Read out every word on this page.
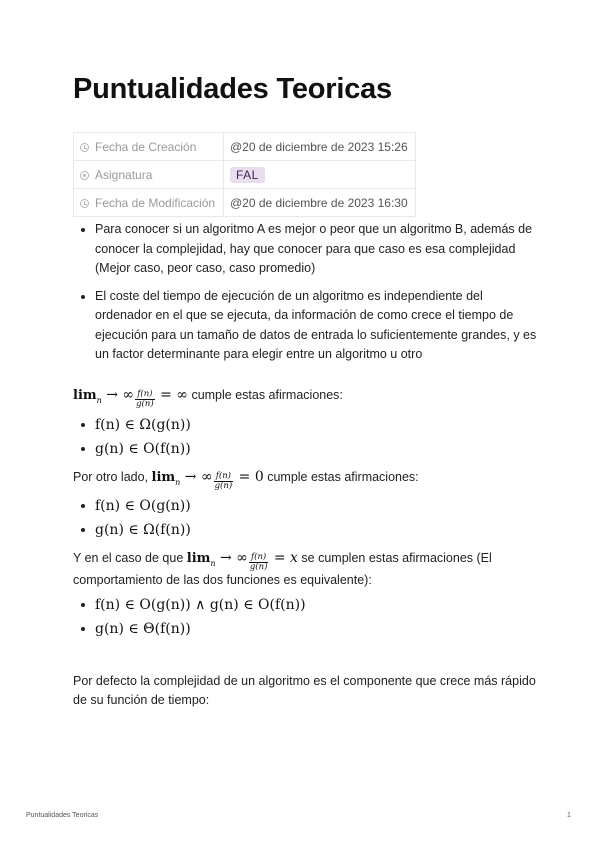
Puntualidades Teoricas
Fecha de Creación	@20 de diciembre de 2023 15:26
Asignatura	FAL
Fecha de Modificación	@20 de diciembre de 2023 16:30
Para conocer si un algoritmo A es mejor o peor que un algoritmo B, además de conocer la complejidad, hay que conocer para que caso es esa complejidad (Mejor caso, peor caso, caso promedio)
El coste del tiempo de ejecución de un algoritmo es independiente del ordenador en el que se ejecuta, da información de como crece el tiempo de ejecución para un tamaño de datos de entrada lo suficientemente grandes, y es un factor determinante para elegir entre un algoritmo u otro
$\lim_n$ → ∞ $\frac{f(n)}{g(n)}$ = ∞ cumple estas afirmaciones:
f(n) ∈ Ω(g(n))
g(n) ∈ O(f(n))
Por otro lado, $\lim_n$ → ∞ $\frac{f(n)}{g(n)} = 0$ cumple estas afirmaciones:
f(n) ∈ O(g(n))
g(n) ∈ Ω(f(n))
Y en el caso de que $\lim_n$ → ∞ $\frac{f(n)}{g(n)} = x$ se cumplen estas afirmaciones (El
comportamiento de las dos funciones es equivalente):
f(n) ∈ O(g(n)) ∧ g(n) ∈ O(f(n))
g(n) ∈ Θ(f(n))
Por defecto la complejidad de un algoritmo es el componente que crece más rápido
de su función de tiempo:
Puntualidades Teoricas	1
